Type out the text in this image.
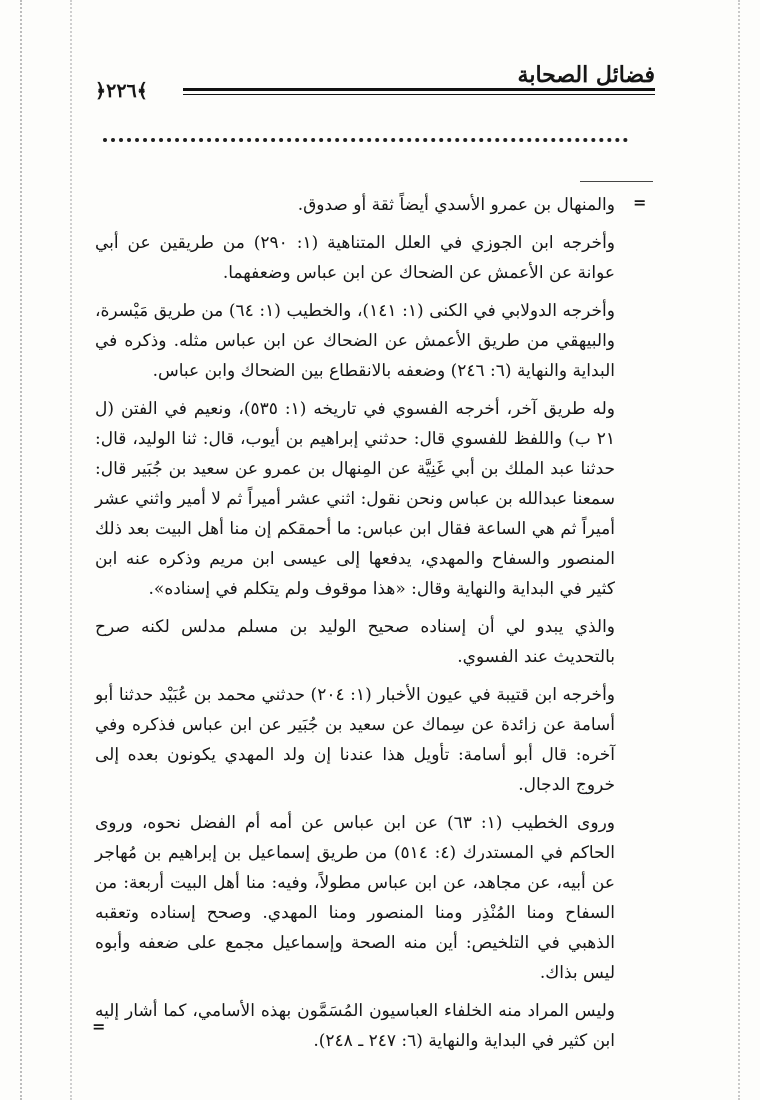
﴿٢٢٦﴾
فضائل الصحابة
=
=

والمنهال بن عمرو الأسدي أيضاً ثقة أو صدوق.

وأخرجه ابن الجوزي في العلل المتناهية (١: ٢٩٠) من طريقين عن أبي عوانة عن الأعمش عن الضحاك عن ابن عباس وضعفهما.

وأخرجه الدولابي في الكنى (١: ١٤١)، والخطيب (١: ٦٤) من طريق مَيْسرة، والبيهقي من طريق الأعمش عن الضحاك عن ابن عباس مثله. وذكره في البداية والنهاية (٦: ٢٤٦) وضعفه بالانقطاع بين الضحاك وابن عباس.

وله طريق آخر، أخرجه الفسوي في تاريخه (١: ٥٣٥)، ونعيم في الفتن (ل ٢١ ب) واللفظ للفسوي قال: حدثني إبراهيم بن أيوب، قال: ثنا الوليد، قال: حدثنا عبد الملك بن أبي غَنِيَّة عن المِنهال بن عمرو عن سعيد بن جُبَير قال: سمعنا عبدالله بن عباس ونحن نقول: اثني عشر أميراً ثم لا أمير واثني عشر أميراً ثم هي الساعة فقال ابن عباس: ما أحمقكم إن منا أهل البيت بعد ذلك المنصور والسفاح والمهدي، يدفعها إلى عيسى ابن مريم وذكره عنه ابن كثير في البداية والنهاية وقال: «هذا موقوف ولم يتكلم في إسناده».

والذي يبدو لي أن إسناده صحيح الوليد بن مسلم مدلس لكنه صرح بالتحديث عند الفسوي.

وأخرجه ابن قتيبة في عيون الأخبار (١: ٢٠٤) حدثني محمد بن عُبَيْد حدثنا أبو أسامة عن زائدة عن سِماك عن سعيد بن جُبَير عن ابن عباس فذكره وفي آخره: قال أبو أسامة: تأويل هذا عندنا إن ولد المهدي يكونون بعده إلى خروج الدجال.

وروى الخطيب (١: ٦٣) عن ابن عباس عن أمه أم الفضل نحوه، وروى الحاكم في المستدرك (٤: ٥١٤) من طريق إسماعيل بن إبراهيم بن مُهاجر عن أبيه، عن مجاهد، عن ابن عباس مطولاً، وفيه: منا أهل البيت أربعة: من السفاح ومنا المُنْذِر ومنا المنصور ومنا المهدي. وصحح إسناده وتعقبه الذهبي في التلخيص: أين منه الصحة وإسماعيل مجمع على ضعفه وأبوه ليس بذاك.

وليس المراد منه الخلفاء العباسيون المُسَمَّون بهذه الأسامي، كما أشار إليه ابن كثير في البداية والنهاية (٦: ٢٤٧ ـ ٢٤٨).
